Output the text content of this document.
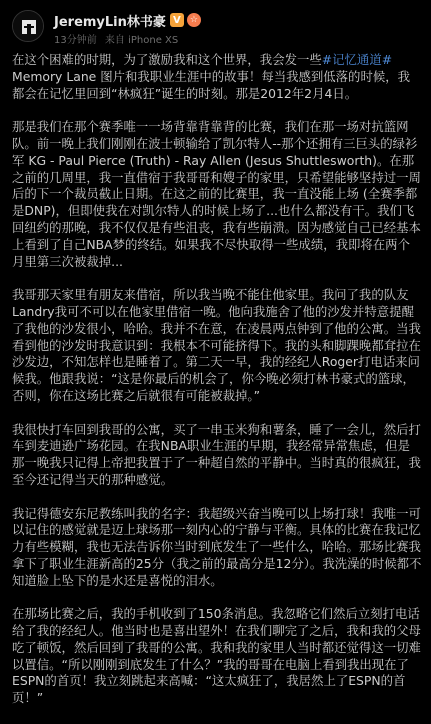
JeremyLin林书豪 V	☆
13分钟前 来自 iPhone XS

在这个困难的时期，为了激励我和这个世界，我会发一些#记忆通道# Memory Lane 图片和我职业生涯中的故事！每当我感到低落的时候，我都会在记忆里回到“林疯狂”诞生的时刻。那是2012年2月4日。

那是我们在那个赛季唯一一场背靠背靠背的比赛，我们在那一场对抗篮网队。前一晚上我们刚刚在波士顿输给了凯尔特人--那个还拥有三巨头的绿衫军 KG - Paul Pierce (Truth) - Ray Allen (Jesus Shuttlesworth)。在那之前的几周里，我一直借宿于我哥哥和嫂子的家里，只希望能够坚持过一周后的下一个裁员截止日期。在这之前的比赛里，我一直没能上场 (全赛季都是DNP)，但即使我在对凯尔特人的时候上场了...也什么都没有干。我们飞回纽约的那晚，我不仅仅是有些沮丧，我有些崩溃。因为感觉自己已经基本上看到了自己NBA梦的终结。如果我不尽快取得一些成绩，我即将在两个月里第三次被裁掉...

我哥那天家里有朋友来借宿，所以我当晚不能住他家里。我问了我的队友Landry我可不可以在他家里借宿一晚。他向我施舍了他的沙发并特意提醒了我他的沙发很小，哈哈。我并不在意，在凌晨两点钟到了他的公寓。当我看到他的沙发时我意识到：我根本不可能挤得下。我的头和脚踝晚都耷拉在沙发边，不知怎样也是睡着了。第二天一早，我的经纪人Roger打电话来问候我。他跟我说：“这是你最后的机会了，你今晚必须打林书豪式的篮球，否则，你在这场比赛之后就很有可能被裁掉。”

我很快打车回到我哥的公寓，买了一串玉米狗和薯条，睡了一会儿，然后打车到麦迪逊广场花园。在我NBA职业生涯的早期，我经常异常焦虑，但是那一晚我只记得上帝把我置于了一种超自然的平静中。当时真的很疯狂，我至今还记得当天的那种感觉。

我记得德安东尼教练叫我的名字：我超级兴奋当晚可以上场打球！我唯一可以记住的感觉就是迈上球场那一刻内心的宁静与平衡。具体的比赛在我记忆力有些模糊，我也无法告诉你当时到底发生了一些什么，哈哈。那场比赛我拿下了职业生涯新高的25分（我之前的最高分是12分）。我洗澡的时候都不知道脸上坠下的是水还是喜悦的泪水。

在那场比赛之后，我的手机收到了150条消息。我忽略它们然后立刻打电话给了我的经纪人。他当时也是喜出望外！在我们聊完了之后，我和我的父母吃了顿饭，然后回到了我哥的公寓。我和我的家里人当时都还觉得这一切难以置信。“所以刚刚到底发生了什么？”我的哥哥在电脑上看到我出现在了ESPN的首页！我立刻跳起来高喊：“这太疯狂了，我居然上了ESPN的首页！”
